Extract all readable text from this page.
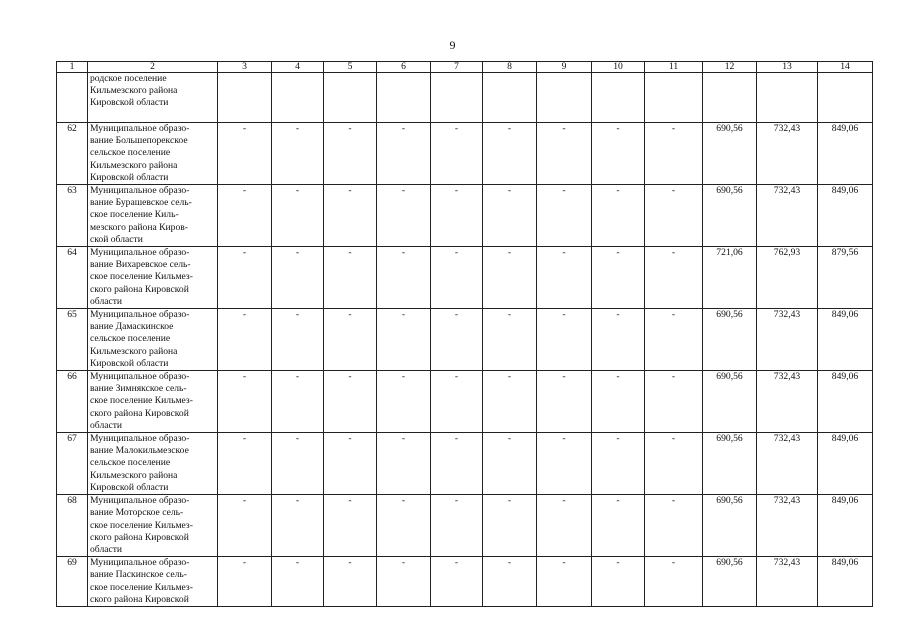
9
1	2	3	4	5	6	7	8	9	10	11	12	13	14

	родское поселение
Кильмезского района
Кировской области												

62	Муниципальное образо-
вание Большепорекское
сельское поселение
Кильмезского района
Кировской области	-	-	-	-	-	-	-	-	-	690,56	732,43	849,06
63	Муниципальное образо-
вание Бурашевское сель-
ское поселение Киль-
мезского района Киров-
ской области	-	-	-	-	-	-	-	-	-	690,56	732,43	849,06
64	Муниципальное образо-
вание Вихаревское сель-
ское поселение Кильмез-
ского района Кировской
области	-	-	-	-	-	-	-	-	-	721,06	762,93	879,56
65	Муниципальное образо-
вание Дамаскинское
сельское поселение
Кильмезского района
Кировской области	-	-	-	-	-	-	-	-	-	690,56	732,43	849,06
66	Муниципальное образо-
вание Зимнякское сель-
ское поселение Кильмез-
ского района Кировской
области	-	-	-	-	-	-	-	-	-	690,56	732,43	849,06
67	Муниципальное образо-
вание Малокильмезское
сельское поселение
Кильмезского района
Кировской области	-	-	-	-	-	-	-	-	-	690,56	732,43	849,06
68	Муниципальное образо-
вание Моторское сель-
ское поселение Кильмез-
ского района Кировской
области	-	-	-	-	-	-	-	-	-	690,56	732,43	849,06
69	Муниципальное образо-
вание Паскинское сель-
ское поселение Кильмез-
ского района Кировской	-	-	-	-	-	-	-	-	-	690,56	732,43	849,06
